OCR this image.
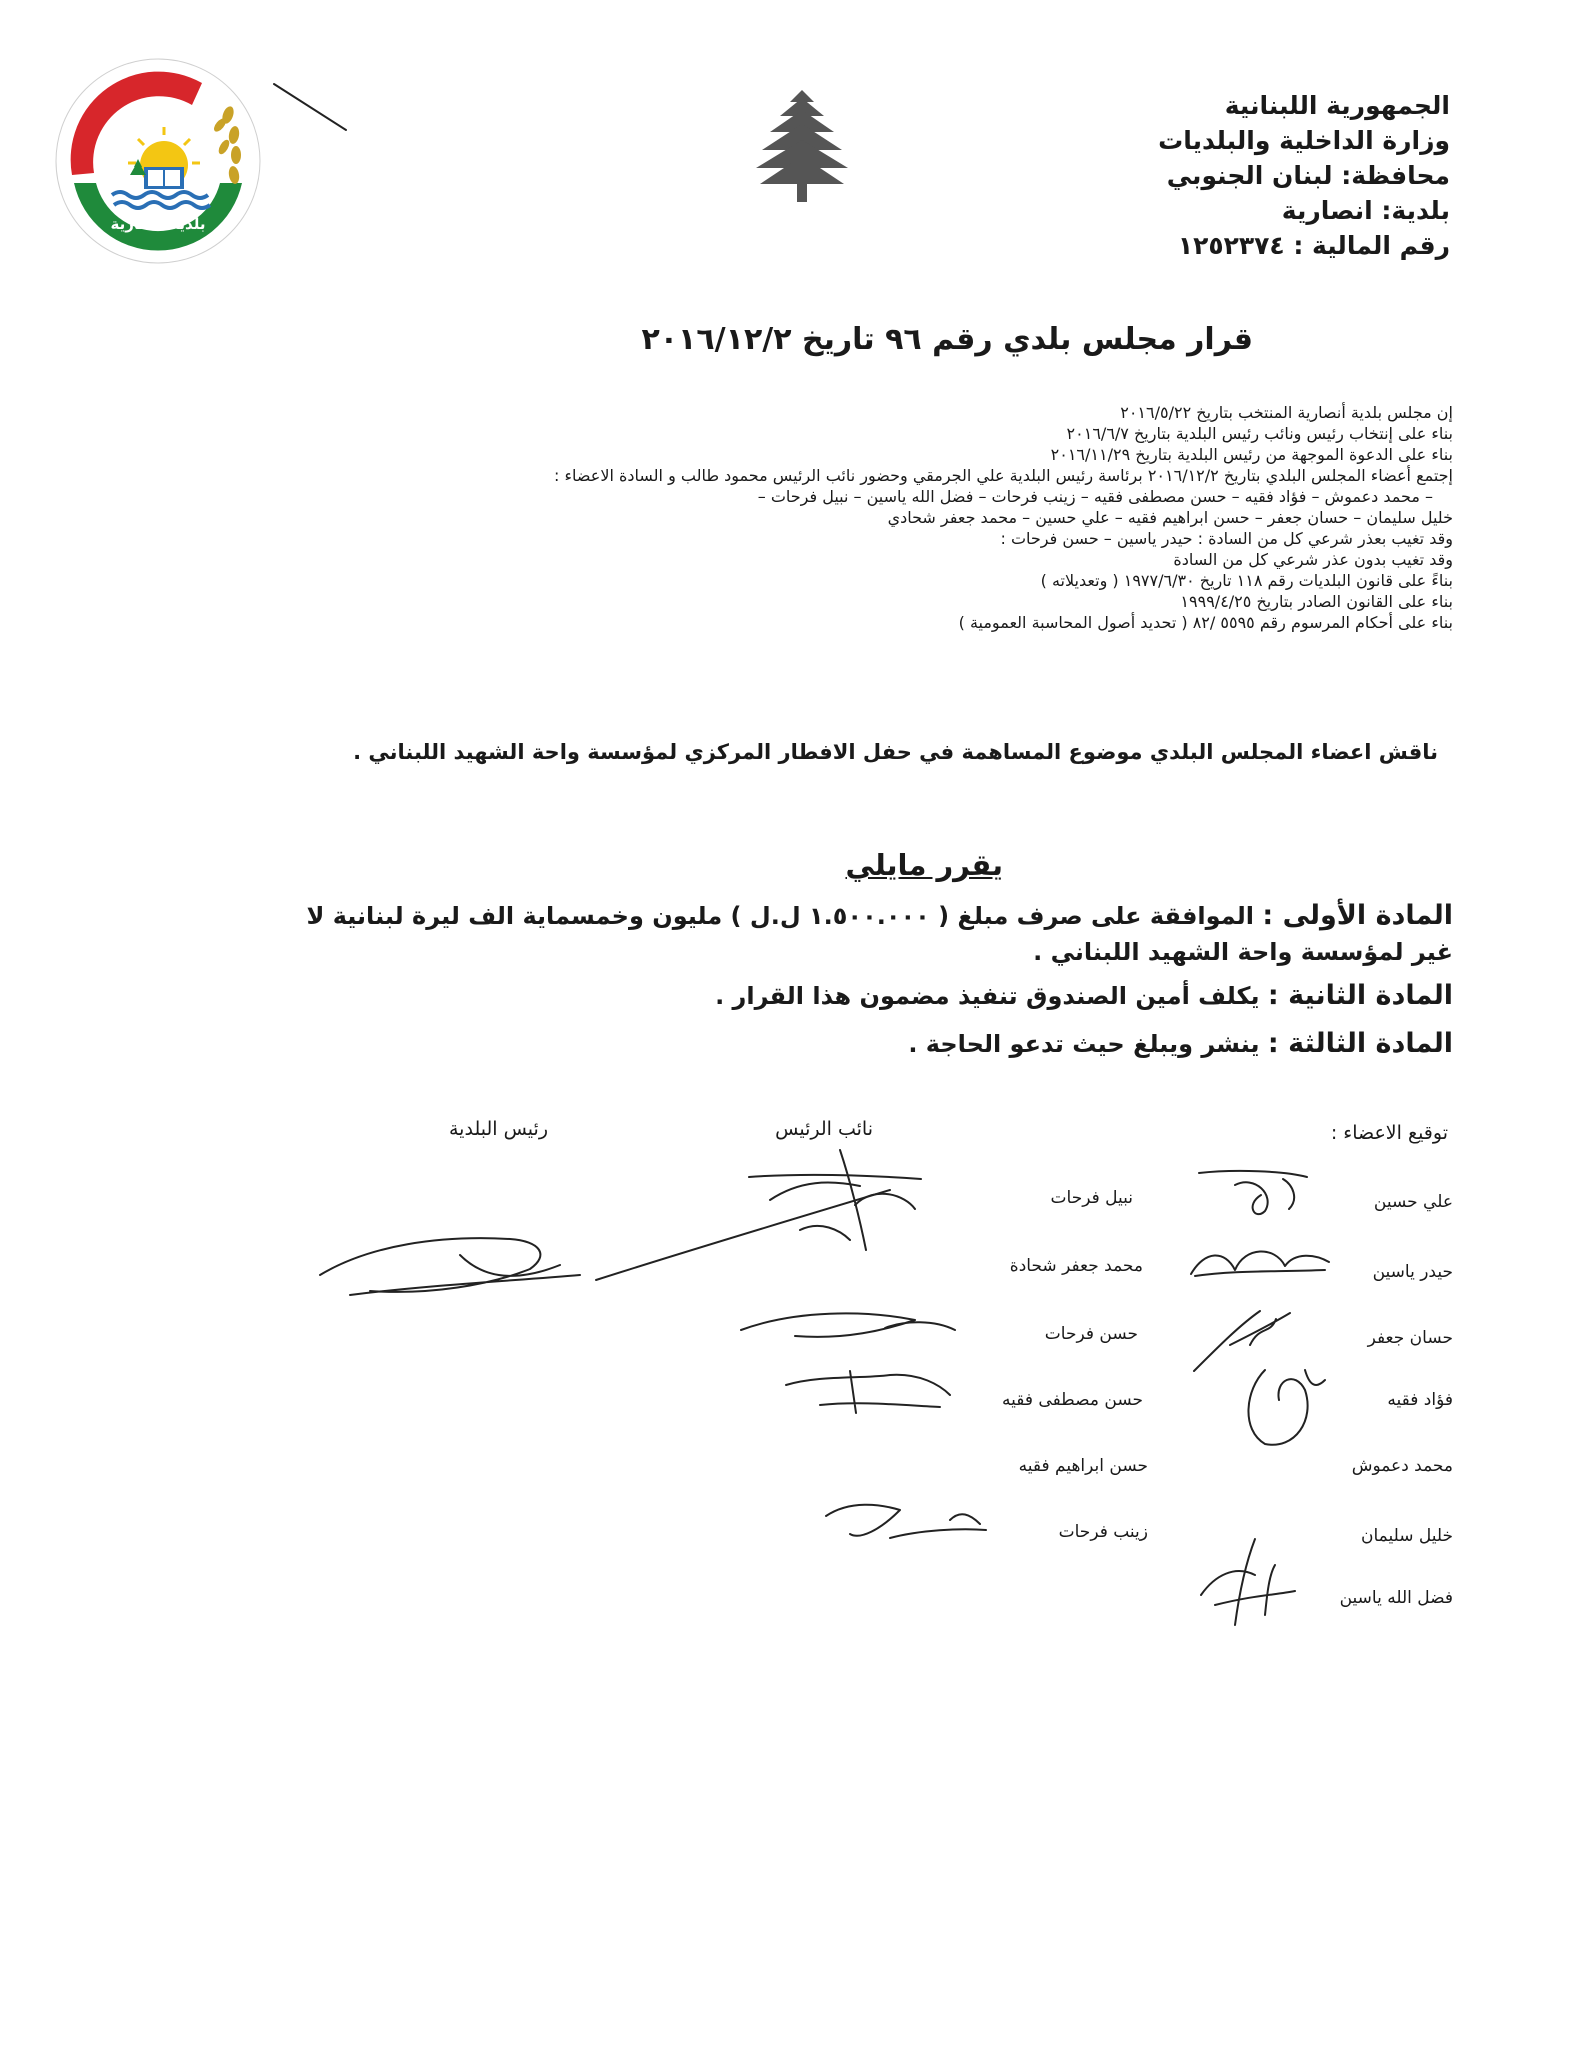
بلدية انصارية
الجمهورية اللبنانية
وزارة الداخلية والبلديات
محافظة: لبنان الجنوبي
بلدية: انصارية
رقم المالية : ١٢٥٢٣٧٤
قرار مجلس بلدي رقم ٩٦ تاريخ ٢٠١٦/١٢/٢
إن مجلس بلدية أنصارية المنتخب بتاريخ ٢٠١٦/٥/٢٢
بناء على إنتخاب رئيس ونائب رئيس البلدية بتاريخ ٢٠١٦/٦/٧
بناء على الدعوة الموجهة من رئيس البلدية بتاريخ ٢٠١٦/١١/٢٩
إجتمع أعضاء المجلس البلدي بتاريخ ٢٠١٦/١٢/٢ برئاسة رئيس البلدية علي الجرمقي وحضور نائب الرئيس محمود طالب و السادة الاعضاء :
– محمد دعموش – فؤاد فقيه – حسن مصطفى فقيه – زينب فرحات – فضل الله ياسين – نبيل فرحات –
خليل سليمان – حسان جعفر – حسن ابراهيم فقيه – علي حسين – محمد جعفر شحادي
وقد تغيب بعذر شرعي كل من السادة : حيدر ياسين – حسن فرحات :
وقد تغيب بدون عذر شرعي كل من السادة
بناءً على قانون البلديات رقم ١١٨ تاريخ ١٩٧٧/٦/٣٠ ( وتعديلاته )
بناء على القانون الصادر بتاريخ ١٩٩٩/٤/٢٥
بناء على أحكام المرسوم رقم ٥٥٩٥ /٨٢ ( تحديد أصول المحاسبة العمومية )
ناقش اعضاء المجلس البلدي موضوع المساهمة في حفل الافطار المركزي لمؤسسة واحة الشهيد اللبناني .
يقرر مايلي
المادة الأولى : الموافقة على صرف مبلغ ( ١.٥٠٠.٠٠٠ ل.ل ) مليون وخمسماية الف ليرة لبنانية لا غير لمؤسسة واحة الشهيد اللبناني .
المادة الثانية : يكلف أمين الصندوق تنفيذ مضمون هذا القرار .
المادة الثالثة : ينشر ويبلغ حيث تدعو الحاجة .
توقيع الاعضاء :
نائب الرئيس
رئيس البلدية
علي حسين
حيدر ياسين
حسان جعفر
فؤاد فقيه
محمد دعموش
خليل سليمان
فضل الله ياسين
نبيل فرحات
محمد جعفر شحادة
حسن فرحات
حسن مصطفى فقيه
حسن ابراهيم فقيه
زينب فرحات
